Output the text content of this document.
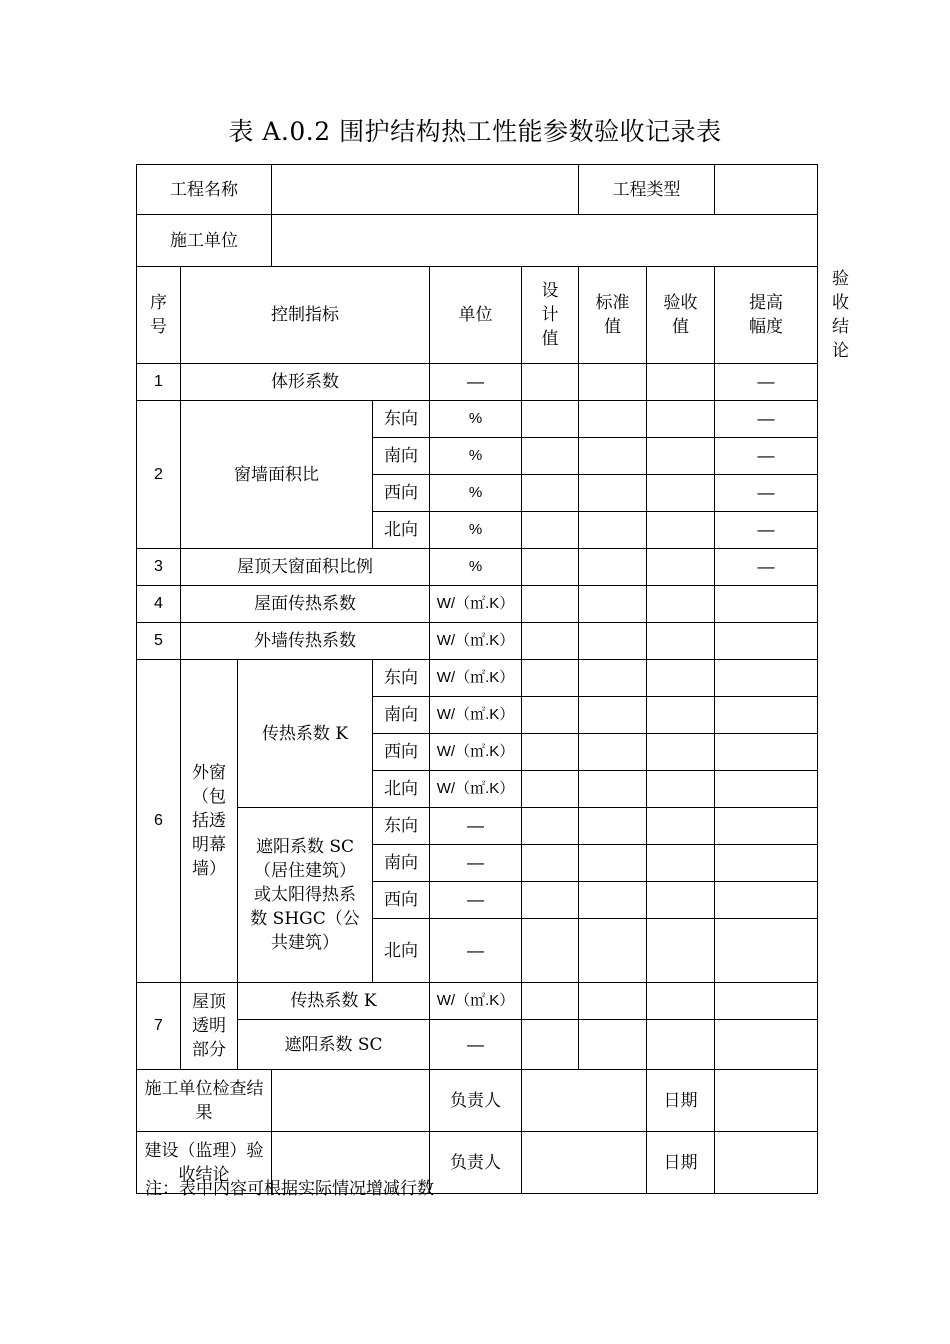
表 A.0.2 围护结构热工性能参数验收记录表
工程名称							工程类型			
施工单位										
序号	控制指标				单位	设计值	标准值	验收值	提高幅度	验收结论
1	体形系数				—				—	
2	窗墙面积比			东向	%				—	
				南向	%				—	
				西向	%				—	
				北向	%				—	
3	屋顶天窗面积比例				%				—	
4	屋面传热系数				W/（㎡.K）					
5	外墙传热系数				W/（㎡.K）					
6	外窗（包括透明幕墙）	传热系数 K		东向	W/（㎡.K）					
				南向	W/（㎡.K）					
				西向	W/（㎡.K）					
				北向	W/（㎡.K）					
		遮阳系数 SC（居住建筑）或太阳得热系数 SHGC（公共建筑）		东向	—					
				南向	—					
				西向	—					
				北向	—					
7	屋顶透明部分	传热系数 K			W/（㎡.K）					
		遮阳系数 SC			—					
施工单位检查结果					负责人			日期		
建设（监理）验收结论					负责人			日期		
注：表中内容可根据实际情况增减行数
